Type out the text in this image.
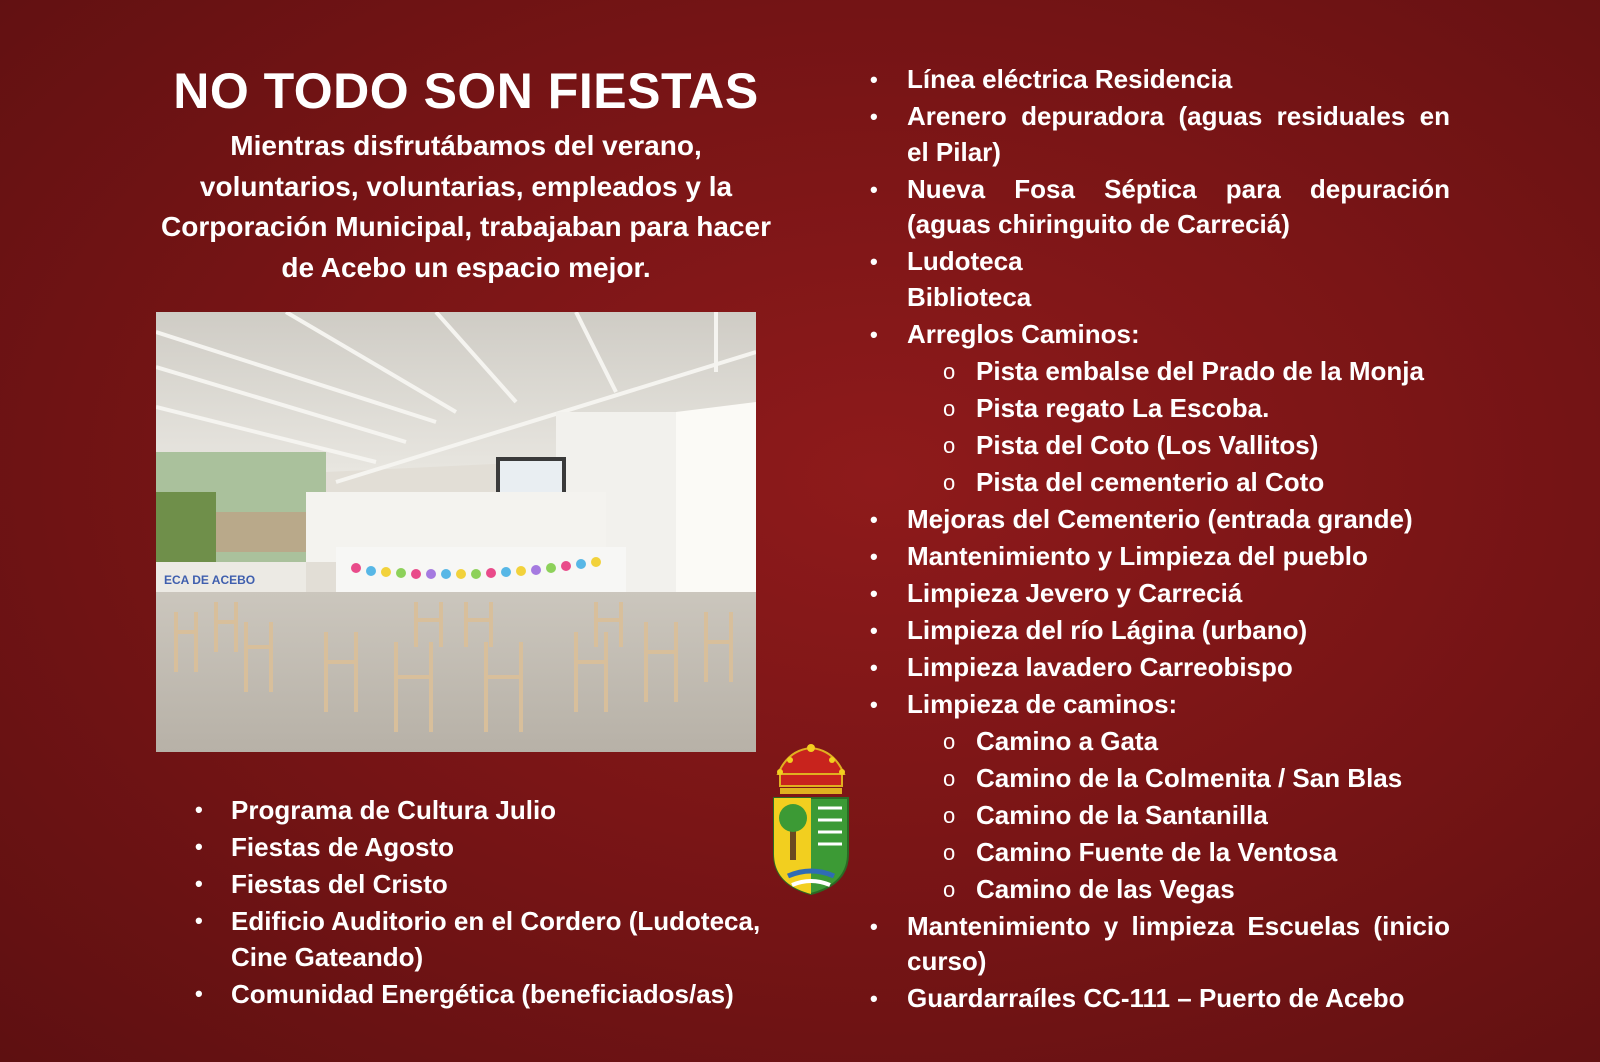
NO TODO SON FIESTAS
Mientras disfrutábamos del verano, voluntarios, voluntarias, empleados y la Corporación Municipal, trabajaban para hacer de Acebo un espacio mejor.
ECA DE ACEBO
• Programa de Cultura Julio
• Fiestas de Agosto
• Fiestas del Cristo
• Edificio Auditorio en el Cordero (Ludoteca, Cine Gateando)
• Comunidad Energética (beneficiados/as)
• Línea eléctrica Residencia
• Arenero depuradora (aguas residuales en el Pilar)
• Nueva Fosa Séptica para depuración (aguas chiringuito de Carreciá)
• Ludoteca
Biblioteca
• Arreglos Caminos:
o Pista embalse del Prado de la Monja
o Pista regato La Escoba.
o Pista del Coto (Los Vallitos)
o Pista del cementerio al Coto
• Mejoras del Cementerio (entrada grande)
• Mantenimiento y Limpieza del pueblo
• Limpieza Jevero y Carreciá
• Limpieza del río Lágina (urbano)
• Limpieza lavadero Carreobispo
• Limpieza de caminos:
o Camino a Gata
o Camino de la Colmenita / San Blas
o Camino de la Santanilla
o Camino Fuente de la Ventosa
o Camino de las Vegas
• Mantenimiento y limpieza Escuelas (inicio curso)
• Guardarraíles CC-111 – Puerto de Acebo
